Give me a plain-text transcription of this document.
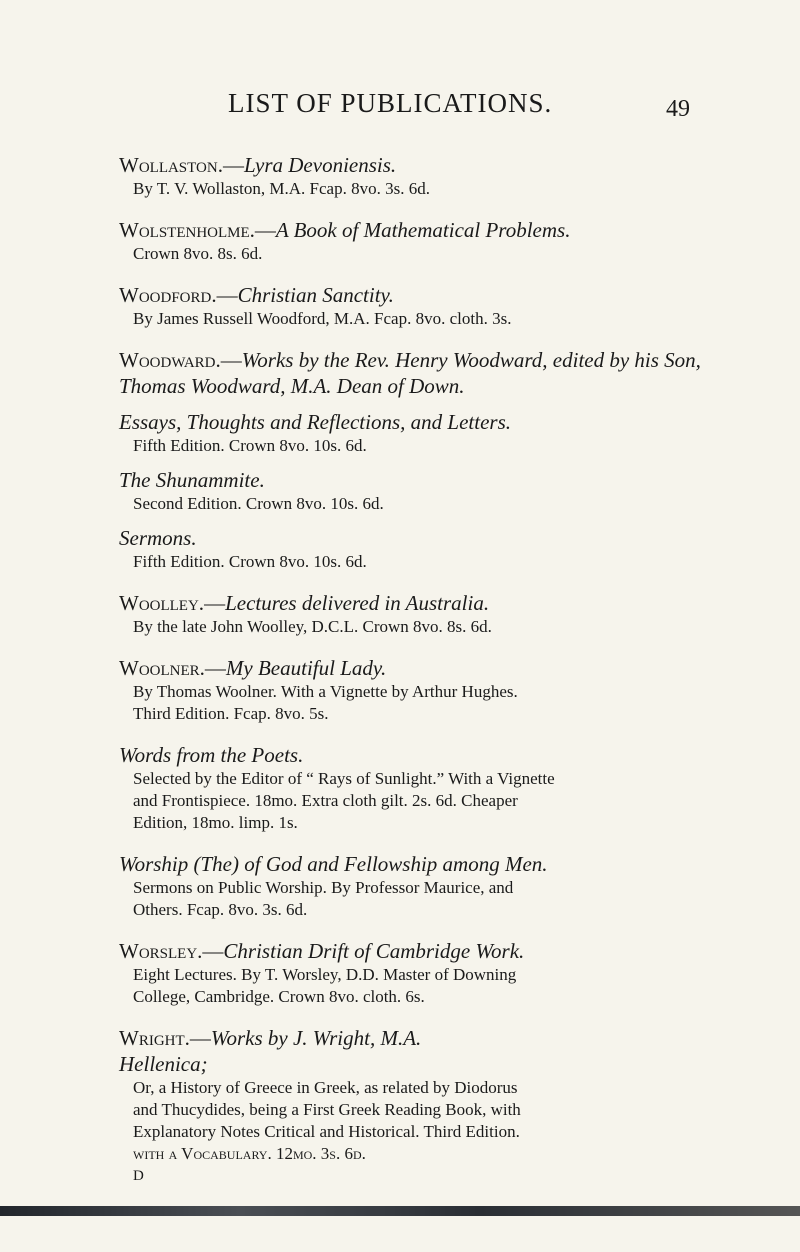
LIST OF PUBLICATIONS.	49
Wollaston.—Lyra Devoniensis.
By T. V. Wollaston, M.A. Fcap. 8vo. 3s. 6d.
Wolstenholme.—A Book of Mathematical Problems.
Crown 8vo. 8s. 6d.
Woodford.—Christian Sanctity.
By James Russell Woodford, M.A. Fcap. 8vo. cloth. 3s.
Woodward.—Works by the Rev. Henry Woodward, edited by his Son, Thomas Woodward, M.A. Dean of Down.
Essays, Thoughts and Reflections, and Letters.
Fifth Edition. Crown 8vo. 10s. 6d.
The Shunammite.
Second Edition. Crown 8vo. 10s. 6d.
Sermons.
Fifth Edition. Crown 8vo. 10s. 6d.
Woolley.—Lectures delivered in Australia.
By the late John Woolley, D.C.L. Crown 8vo. 8s. 6d.
Woolner.—My Beautiful Lady.
By Thomas Woolner. With a Vignette by Arthur Hughes.
Third Edition. Fcap. 8vo. 5s.
Words from the Poets.
Selected by the Editor of “ Rays of Sunlight.” With a Vignette
and Frontispiece. 18mo. Extra cloth gilt. 2s. 6d. Cheaper
Edition, 18mo. limp. 1s.
Worship (The) of God and Fellowship among Men.
Sermons on Public Worship. By Professor Maurice, and
Others. Fcap. 8vo. 3s. 6d.
Worsley.—Christian Drift of Cambridge Work.
Eight Lectures. By T. Worsley, D.D. Master of Downing
College, Cambridge. Crown 8vo. cloth. 6s.
Wright.—Works by J. Wright, M.A.
Hellenica;
Or, a History of Greece in Greek, as related by Diodorus
and Thucydides, being a First Greek Reading Book, with
Explanatory Notes Critical and Historical. Third Edition.
with a Vocabulary. 12mo. 3s. 6d.
D
